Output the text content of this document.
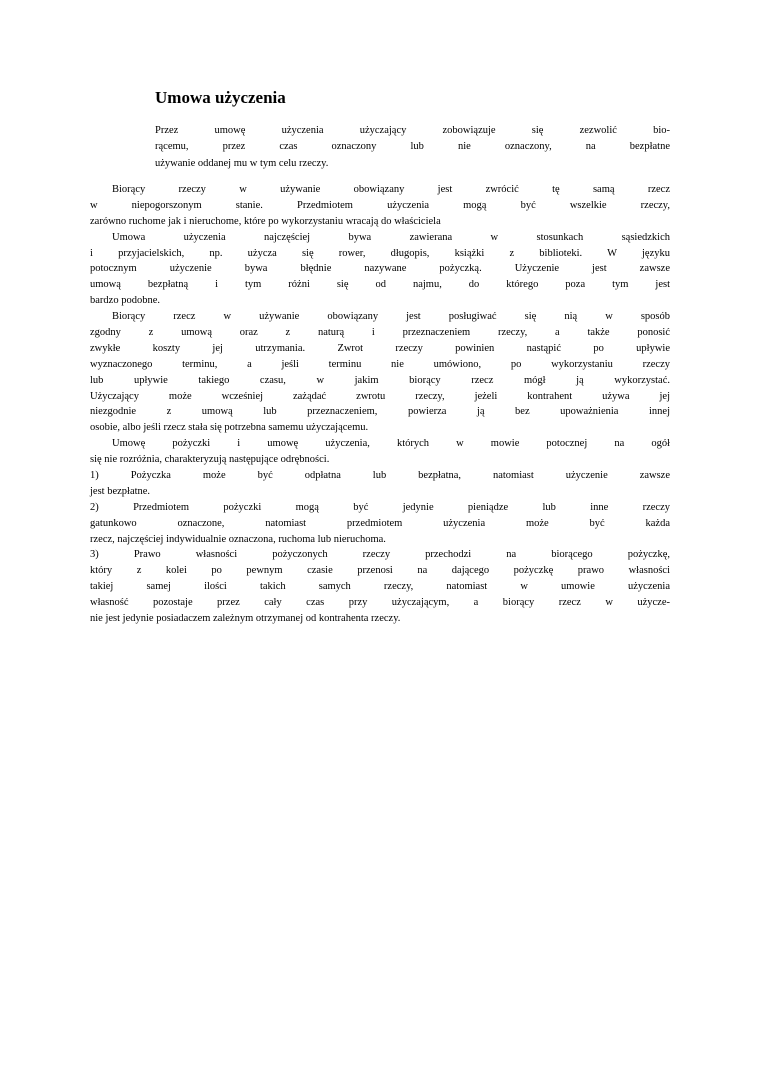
Umowa użyczenia
Przez umowę użyczenia użyczający zobowiązuje się zezwolić bio-
rącemu, przez czas oznaczony lub nie oznaczony, na bezpłatne
używanie oddanej mu w tym celu rzeczy.
Biorący rzeczy w używanie obowiązany jest zwrócić tę samą rzecz
w niepogorszonym stanie. Przedmiotem użyczenia mogą być wszelkie rzeczy,
zarówno ruchome jak i nieruchome, które po wykorzystaniu wracają do właściciela
Umowa użyczenia najczęściej bywa zawierana w stosunkach sąsiedzkich
i przyjacielskich, np. użycza się rower, długopis, książki z biblioteki. W języku
potocznym użyczenie bywa błędnie nazywane pożyczką. Użyczenie jest zawsze
umową bezpłatną i tym różni się od najmu, do którego poza tym jest
bardzo podobne.
Biorący rzecz w używanie obowiązany jest posługiwać się nią w sposób
zgodny z umową oraz z naturą i przeznaczeniem rzeczy, a także ponosić
zwykłe koszty jej utrzymania. Zwrot rzeczy powinien nastąpić po upływie
wyznaczonego terminu, a jeśli terminu nie umówiono, po wykorzystaniu rzeczy
lub upływie takiego czasu, w jakim biorący rzecz mógł ją wykorzystać.
Użyczający może wcześniej zażądać zwrotu rzeczy, jeżeli kontrahent używa jej
niezgodnie z umową lub przeznaczeniem, powierza ją bez upoważnienia innej
osobie, albo jeśli rzecz stała się potrzebna samemu użyczającemu.
Umowę pożyczki i umowę użyczenia, których w mowie potocznej na ogół
się nie rozróżnia, charakteryzują następujące odrębności.
1) Pożyczka może być odpłatna lub bezpłatna, natomiast użyczenie zawsze
jest bezpłatne.
2) Przedmiotem pożyczki mogą być jedynie pieniądze lub inne rzeczy
gatunkowo oznaczone, natomiast przedmiotem użyczenia może być każda
rzecz, najczęściej indywidualnie oznaczona, ruchoma lub nieruchoma.
3) Prawo własności pożyczonych rzeczy przechodzi na biorącego pożyczkę,
który z kolei po pewnym czasie przenosi na dającego pożyczkę prawo własności
takiej samej ilości takich samych rzeczy, natomiast w umowie użyczenia
własność pozostaje przez cały czas przy użyczającym, a biorący rzecz w użycze-
nie jest jedynie posiadaczem zależnym otrzymanej od kontrahenta rzeczy.
